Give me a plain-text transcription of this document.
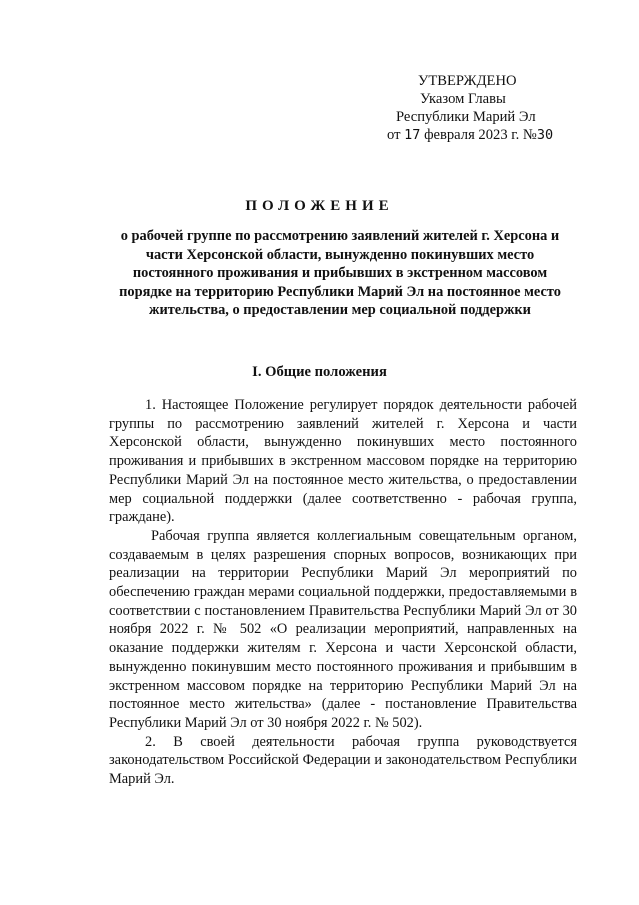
УТВЕРЖДЕНО
Указом Главы
Республики Марий Эл
от 17 февраля 2023 г. №30
ПОЛОЖЕНИЕ
о рабочей группе по рассмотрению заявлений жителей г. Херсона и части Херсонской области, вынужденно покинувших место постоянного проживания и прибывших в экстренном массовом порядке на территорию Республики Марий Эл на постоянное место жительства, о предоставлении мер социальной поддержки
I. Общие положения

1. Настоящее Положение регулирует порядок деятельности рабочей группы по рассмотрению заявлений жителей г. Херсона и части Херсонской области, вынужденно покинувших место постоянного проживания и прибывших в экстренном массовом порядке на территорию Республики Марий Эл на постоянное место жительства, о предоставлении мер социальной поддержки (далее соответственно - рабочая группа, граждане).

Рабочая группа является коллегиальным совещательным органом, создаваемым в целях разрешения спорных вопросов, возникающих при реализации на территории Республики Марий Эл мероприятий по обеспечению граждан мерами социальной поддержки, предоставляемыми в соответствии с постановлением Правительства Республики Марий Эл от 30 ноября 2022 г. № 502 «О реализации мероприятий, направленных на оказание поддержки жителям г. Херсона и части Херсонской области, вынужденно покинувшим место постоянного проживания и прибывшим в экстренном массовом порядке на территорию Республики Марий Эл на постоянное место жительства» (далее - постановление Правительства Республики Марий Эл от 30 ноября 2022 г. № 502).

2. В своей деятельности рабочая группа руководствуется законодательством Российской Федерации и законодательством Республики Марий Эл.
